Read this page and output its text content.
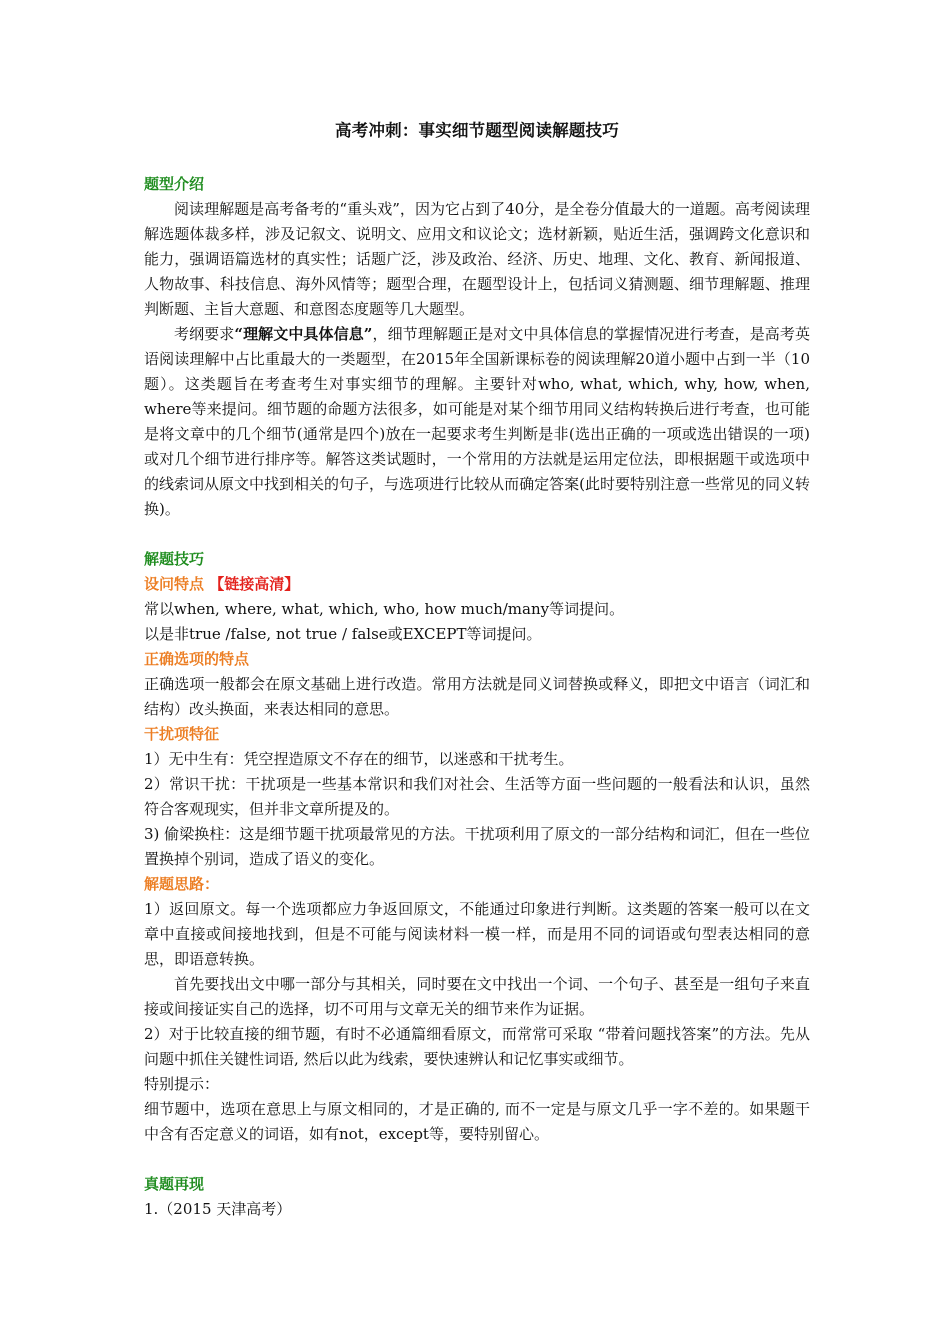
高考冲刺：事实细节题型阅读解题技巧
题型介绍

阅读理解题是高考备考的“重头戏”，因为它占到了40分，是全卷分值最大的一道题。高考阅读理解选题体裁多样，涉及记叙文、说明文、应用文和议论文；选材新颖，贴近生活，强调跨文化意识和能力，强调语篇选材的真实性；话题广泛，涉及政治、经济、历史、地理、文化、教育、新闻报道、人物故事、科技信息、海外风情等；题型合理，在题型设计上，包括词义猜测题、细节理解题、推理判断题、主旨大意题、和意图态度题等几大题型。

考纲要求“理解文中具体信息”，细节理解题正是对文中具体信息的掌握情况进行考查，是高考英语阅读理解中占比重最大的一类题型，在2015年全国新课标卷的阅读理解20道小题中占到一半（10题）。这类题旨在考查考生对事实细节的理解。主要针对who, what, which, why, how, when, where等来提问。细节题的命题方法很多，如可能是对某个细节用同义结构转换后进行考查，也可能是将文章中的几个细节(通常是四个)放在一起要求考生判断是非(选出正确的一项或选出错误的一项)或对几个细节进行排序等。解答这类试题时，一个常用的方法就是运用定位法，即根据题干或选项中的线索词从原文中找到相关的句子，与选项进行比较从而确定答案(此时要特别注意一些常见的同义转换)。

解题技巧
设问特点 【链接高清】

常以when, where, what, which, who, how much/many等词提问。

以是非true /false, not true / false或EXCEPT等词提问。

正确选项的特点

正确选项一般都会在原文基础上进行改造。常用方法就是同义词替换或释义，即把文中语言（词汇和结构）改头换面，来表达相同的意思。

干扰项特征

1）无中生有：凭空捏造原文不存在的细节，以迷惑和干扰考生。

2）常识干扰：干扰项是一些基本常识和我们对社会、生活等方面一些问题的一般看法和认识，虽然符合客观现实，但并非文章所提及的。

3) 偷梁换柱：这是细节题干扰项最常见的方法。干扰项利用了原文的一部分结构和词汇，但在一些位置换掉个别词，造成了语义的变化。

解题思路：

1）返回原文。每一个选项都应力争返回原文，不能通过印象进行判断。这类题的答案一般可以在文章中直接或间接地找到，但是不可能与阅读材料一模一样，而是用不同的词语或句型表达相同的意思，即语意转换。

首先要找出文中哪一部分与其相关，同时要在文中找出一个词、一个句子、甚至是一组句子来直接或间接证实自己的选择，切不可用与文章无关的细节来作为证据。

2）对于比较直接的细节题，有时不必通篇细看原文，而常常可采取 “带着问题找答案”的方法。先从问题中抓住关键性词语, 然后以此为线索，要快速辨认和记忆事实或细节。

特别提示：

细节题中，选项在意思上与原文相同的，才是正确的, 而不一定是与原文几乎一字不差的。如果题干中含有否定意义的词语，如有not，except等，要特别留心。

真题再现

1.（2015 天津高考）
